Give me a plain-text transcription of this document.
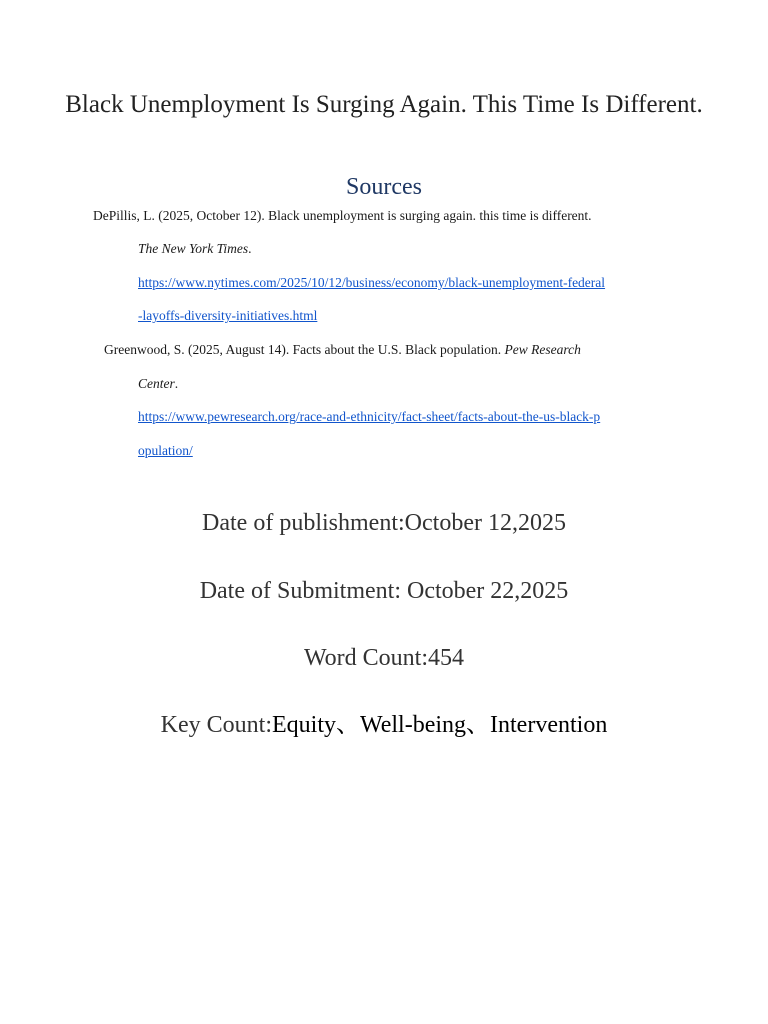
Black Unemployment Is Surging Again. This Time Is Different.
Sources
DePillis, L. (2025, October 12). Black unemployment is surging again. this time is different.
The New York Times.
https://www.nytimes.com/2025/10/12/business/economy/black-unemployment-federal
-layoffs-diversity-initiatives.html
Greenwood, S. (2025, August 14). Facts about the U.S. Black population. Pew Research
Center.
https://www.pewresearch.org/race-and-ethnicity/fact-sheet/facts-about-the-us-black-p
opulation/
Date of publishment:October 12,2025
Date of Submitment: October 22,2025
Word Count:454
Key Count:Equity、Well-being、Intervention
